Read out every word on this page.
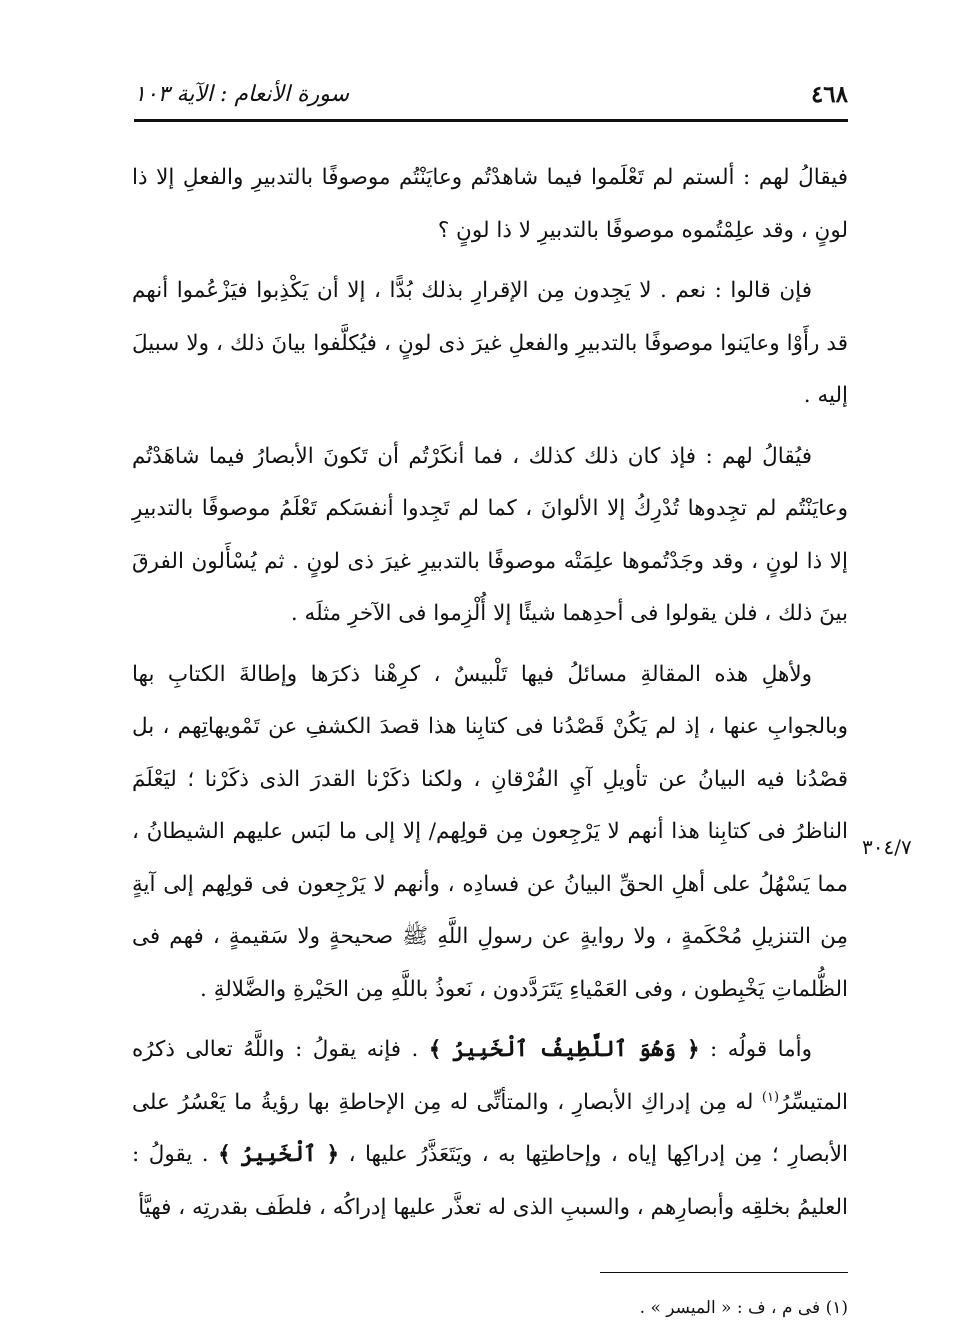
٤٦٨
سورة الأنعام : الآية ١٠٣
٣٠٤/٧

فيقالُ لهم : ألستم لم تَعْلَموا فيما شاهدْتُم وعايَنْتُم موصوفًا بالتدبيرِ والفعلِ إلا ذا لونٍ ، وقد علِمْتُموه موصوفًا بالتدبيرِ لا ذا لونٍ ؟

فإن قالوا : نعم . لا يَجِدون مِن الإقرارِ بذلك بُدًّا ، إلا أن يَكْذِبوا فيَزْعُموا أنهم قد رأَوْا وعايَنوا موصوفًا بالتدبيرِ والفعلِ غيرَ ذى لونٍ ، فيُكلَّفوا بيانَ ذلك ، ولا سبيلَ إليه .

فيُقالُ لهم : فإذ كان ذلك كذلك ، فما أنكَرْتُم أن تَكونَ الأبصارُ فيما شاهَدْتُم وعايَنْتُم لم تجِدوها تُدْرِكُ إلا الألوانَ ، كما لم تَجِدوا أنفسَكم تَعْلَمُ موصوفًا بالتدبيرِ إلا ذا لونٍ ، وقد وجَدْتُموها علِمَتْه موصوفًا بالتدبيرِ غيرَ ذى لونٍ . ثم يُسْأَلون الفرقَ بينَ ذلك ، فلن يقولوا فى أحدِهما شيئًا إلا أُلْزِموا فى الآخرِ مثلَه .

ولأهلِ هذه المقالةِ مسائلُ فيها تَلْبيسٌ ، كرِهْنا ذكرَها وإطالةَ الكتابِ بها وبالجوابِ عنها ، إذ لم يَكُنْ قَصْدُنا فى كتابِنا هذا قصدَ الكشفِ عن تَمْويهاتِهم ، بل قصْدُنا فيه البيانُ عن تأويلِ آيِ الفُرْقانِ ، ولكنا ذكَرْنا القدرَ الذى ذكَرْنا ؛ ليَعْلَمَ الناظرُ فى كتابِنا هذا أنهم لا يَرْجِعون مِن قولِهم/ إلا إلى ما لبَس عليهم الشيطانُ ، مما يَسْهُلُ على أهلِ الحقِّ البيانُ عن فسادِه ، وأنهم لا يَرْجِعون فى قولِهم إلى آيةٍ مِن التنزيلِ مُحْكَمةٍ ، ولا روايةٍ عن رسولِ اللَّهِ ﷺ صحيحةٍ ولا سَقيمةٍ ، فهم فى الظُّلماتِ يَخْبِطون ، وفى العَمْياءِ يَتَرَدَّدون ، نَعوذُ باللَّهِ مِن الحَيْرةِ والضَّلالةِ .

وأما قولُه : ﴿ وَهُوَ ٱللَّطِيفُ ٱلْخَبِيرُ ﴾ . فإنه يقولُ : واللَّهُ تعالى ذكرُه المتيسِّرُ$^{(١)}$ له مِن إدراكِ الأبصارِ ، والمتأتِّى له مِن الإحاطةِ بها رؤيةُ ما يَعْسُرُ على الأبصارِ ؛ مِن إدراكِها إياه ، وإحاطتِها به ، ويَتَعَذَّرُ عليها ، ﴿ ٱلْخَبِيرُ ﴾ . يقولُ : العليمُ بخلقِه وأبصارِهم ، والسببِ الذى له تعذَّر عليها إدراكُه ، فلطَف بقدرتِه ، فهيَّأ

(١) فى م ، ف : « الميسر » .
